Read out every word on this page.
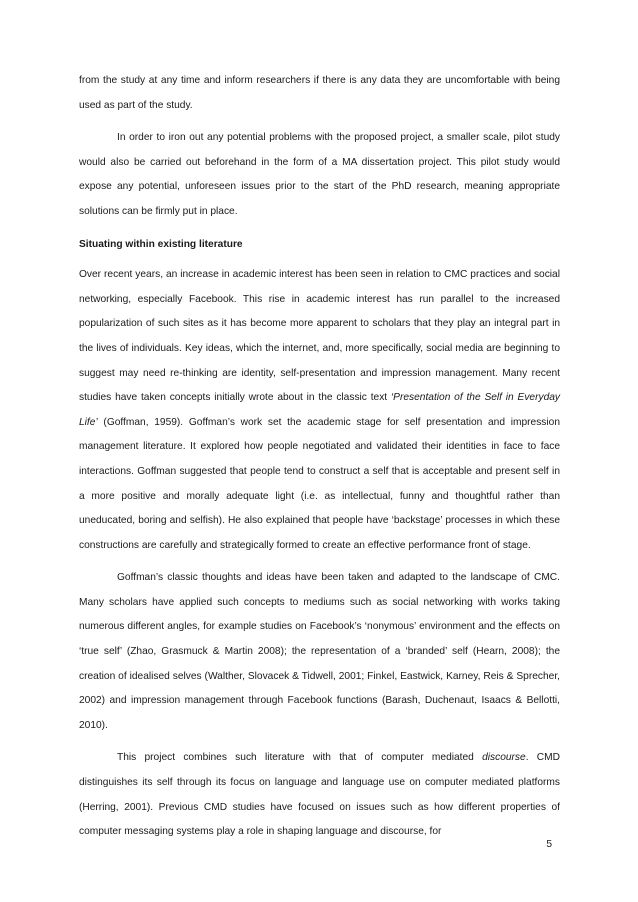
from the study at any time and inform researchers if there is any data they are uncomfortable with being used as part of the study.

In order to iron out any potential problems with the proposed project, a smaller scale, pilot study would also be carried out beforehand in the form of a MA dissertation project. This pilot study would expose any potential, unforeseen issues prior to the start of the PhD research, meaning appropriate solutions can be firmly put in place.

Situating within existing literature

Over recent years, an increase in academic interest has been seen in relation to CMC practices and social networking, especially Facebook. This rise in academic interest has run parallel to the increased popularization of such sites as it has become more apparent to scholars that they play an integral part in the lives of individuals. Key ideas, which the internet, and, more specifically, social media are beginning to suggest may need re-thinking are identity, self-presentation and impression management. Many recent studies have taken concepts initially wrote about in the classic text ‘Presentation of the Self in Everyday Life’ (Goffman, 1959). Goffman’s work set the academic stage for self presentation and impression management literature. It explored how people negotiated and validated their identities in face to face interactions. Goffman suggested that people tend to construct a self that is acceptable and present self in a more positive and morally adequate light (i.e. as intellectual, funny and thoughtful rather than uneducated, boring and selfish). He also explained that people have ‘backstage’ processes in which these constructions are carefully and strategically formed to create an effective performance front of stage.

Goffman’s classic thoughts and ideas have been taken and adapted to the landscape of CMC. Many scholars have applied such concepts to mediums such as social networking with works taking numerous different angles, for example studies on Facebook’s ‘nonymous’ environment and the effects on ‘true self’ (Zhao, Grasmuck & Martin 2008); the representation of a ‘branded’ self (Hearn, 2008); the creation of idealised selves (Walther, Slovacek & Tidwell, 2001; Finkel, Eastwick, Karney, Reis & Sprecher, 2002) and impression management through Facebook functions (Barash, Duchenaut, Isaacs & Bellotti, 2010).

This project combines such literature with that of computer mediated discourse. CMD distinguishes its self through its focus on language and language use on computer mediated platforms (Herring, 2001). Previous CMD studies have focused on issues such as how different properties of computer messaging systems play a role in shaping language and discourse, for

5
